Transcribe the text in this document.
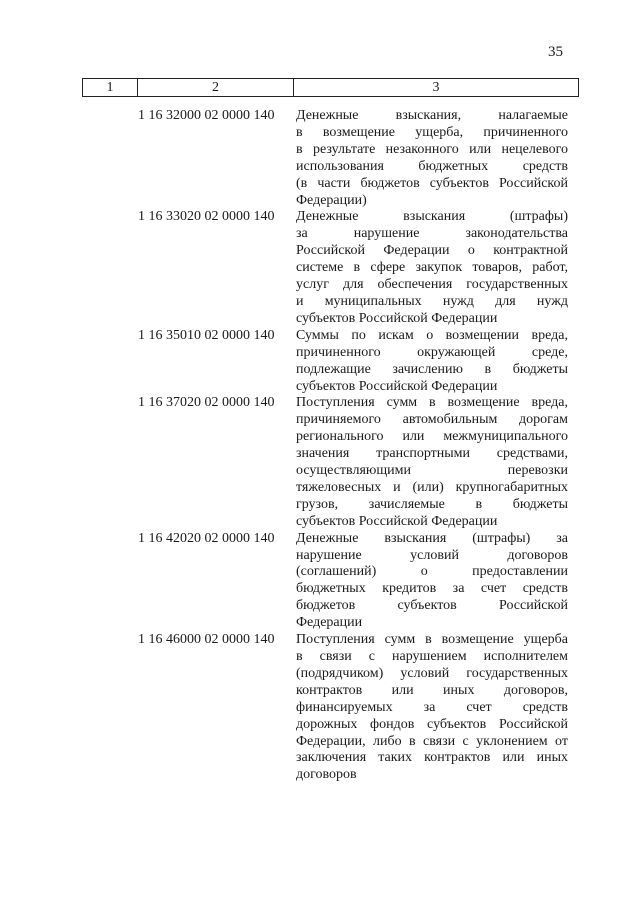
35
1	2	3
1 16 32000 02 0000 140	Денежные взыскания, налагаемые
в возмещение ущерба, причиненного
в результате незаконного или нецелевого
использования бюджетных средств
(в части бюджетов субъектов Российской
Федерации)
1 16 33020 02 0000 140	Денежные взыскания (штрафы)
за нарушение законодательства
Российской Федерации о контрактной
системе в сфере закупок товаров, работ,
услуг для обеспечения государственных
и муниципальных нужд для нужд
субъектов Российской Федерации
1 16 35010 02 0000 140	Суммы по искам о возмещении вреда,
причиненного окружающей среде,
подлежащие зачислению в бюджеты
субъектов Российской Федерации
1 16 37020 02 0000 140	Поступления сумм в возмещение вреда,
причиняемого автомобильным дорогам
регионального или межмуниципального
значения транспортными средствами,
осуществляющими перевозки
тяжеловесных и (или) крупногабаритных
грузов, зачисляемые в бюджеты
субъектов Российской Федерации
1 16 42020 02 0000 140	Денежные взыскания (штрафы) за
нарушение условий договоров
(соглашений) о предоставлении
бюджетных кредитов за счет средств
бюджетов субъектов Российской
Федерации
1 16 46000 02 0000 140	Поступления сумм в возмещение ущерба
в связи с нарушением исполнителем
(подрядчиком) условий государственных
контрактов или иных договоров,
финансируемых за счет средств
дорожных фондов субъектов Российской
Федерации, либо в связи с уклонением от
заключения таких контрактов или иных
договоров
